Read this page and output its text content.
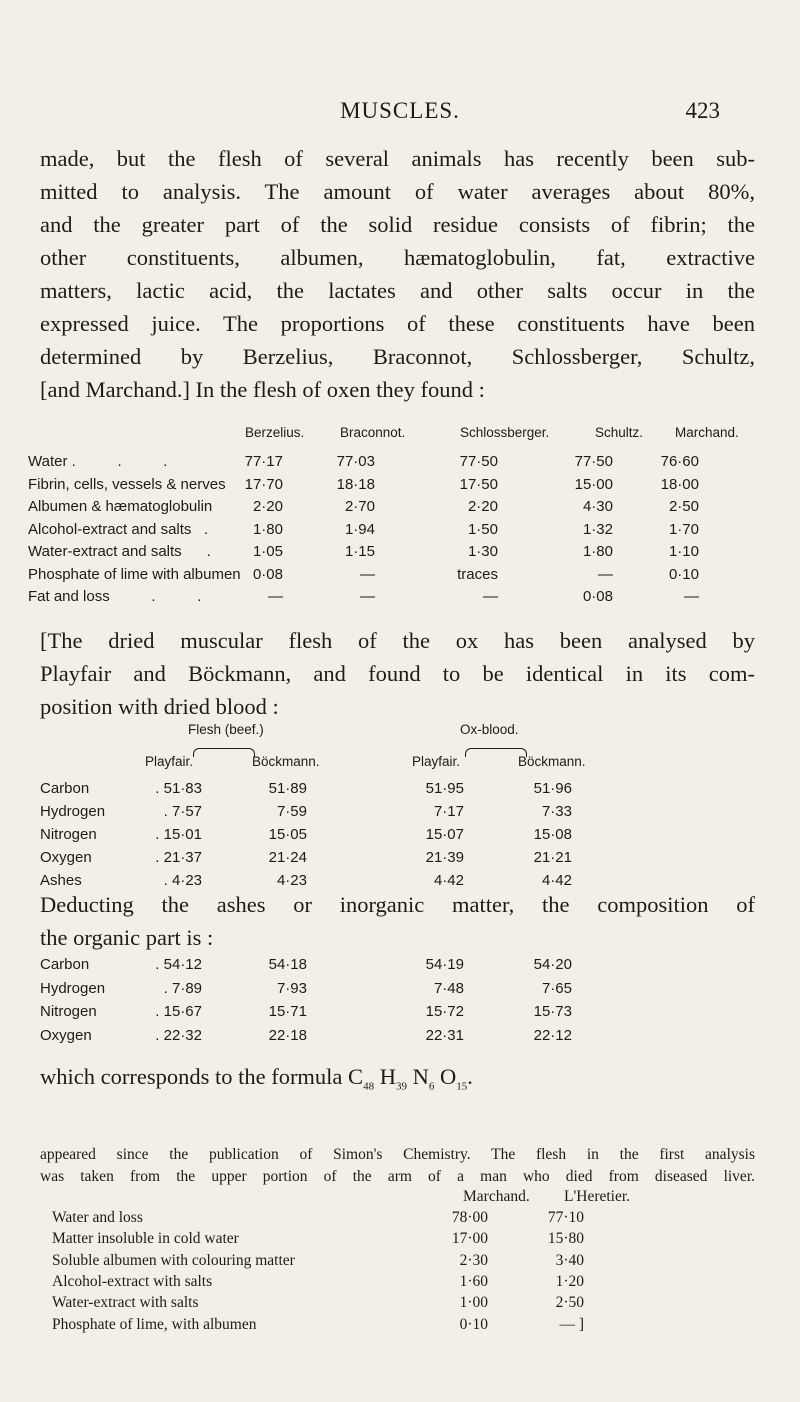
MUSCLES.	423
made, but the flesh of several animals has recently been sub-
mitted to analysis. The amount of water averages about 80%,
and the greater part of the solid residue consists of fibrin; the
other constituents, albumen, hæmatoglobulin, fat, extractive
matters, lactic acid, the lactates and other salts occur in the
expressed juice. The proportions of these constituents have been
determined by Berzelius, Braconnot, Schlossberger, Schultz,
[and Marchand.] In the flesh of oxen they found :
Berzelius.	Braconnot.	Schlossberger.	Schultz. Marchand.
Water .          .          .	77·17	77·03	77·50	77·50	76·60
Fibrin, cells, vessels & nerves	17·70	18·18	17·50	15·00	18·00
Albumen & hæmatoglobulin	2·20	2·70	2·20	4·30	2·50
Alcohol-extract and salts   .	1·80	1·94	1·50	1·32	1·70
Water-extract and salts      .	1·05	1·15	1·30	1·80	1·10
Phosphate of lime with albumen 0·08	—	traces	—	0·10
Fat and loss          .          .	—	—	—	0·08	—
[The dried muscular flesh of the ox has been analysed by
Playfair and Böckmann, and found to be identical in its com-
position with dried blood :
Flesh (beef.)	Ox-blood.
Playfair.	Böckmann.	Playfair.	Böckmann.
Carbon	. 51·83	51·89	51·95	51·96
Hydrogen	. 7·57	7·59	7·17	7·33
Nitrogen	. 15·01	15·05	15·07	15·08
Oxygen	. 21·37	21·24	21·39	21·21
Ashes	. 4·23	4·23	4·42	4·42
Deducting the ashes or inorganic matter, the composition of
the organic part is :
Carbon	. 54·12	54·18	54·19	54·20
Hydrogen	. 7·89	7·93	7·48	7·65
Nitrogen	. 15·67	15·71	15·72	15·73
Oxygen	. 22·32	22·18	22·31	22·12
which corresponds to the formula $C_{48}$ $H_{39}$ $N_6$ $O_{15}$.
appeared since the publication of Simon's Chemistry. The flesh in the first analysis
was taken from the upper portion of the arm of a man who died from diseased liver.
Marchand. L'Heretier.
Water and loss	78·00	77·10
Matter insoluble in cold water	17·00	15·80
Soluble albumen with colouring matter	2·30	3·40
Alcohol-extract with salts	1·60	1·20
Water-extract with salts	1·00	2·50
Phosphate of lime, with albumen	0·10	— ]
